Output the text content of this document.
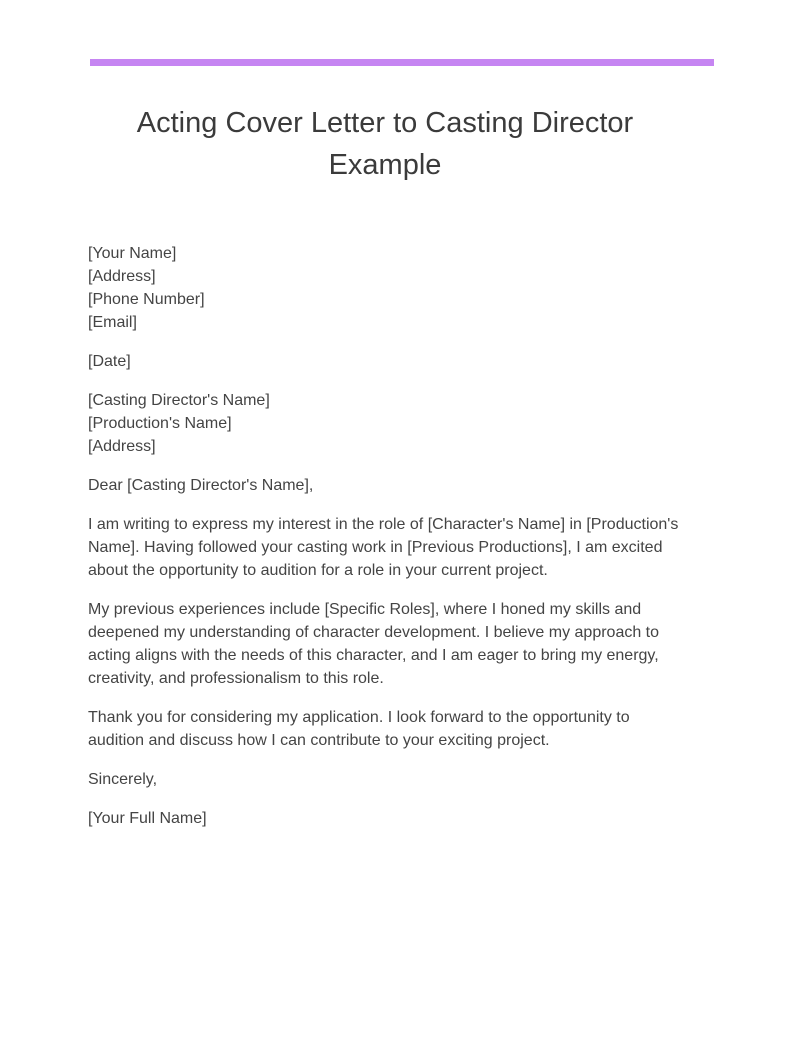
Acting Cover Letter to Casting Director Example
[Your Name]
[Address]
[Phone Number]
[Email]
[Date]
[Casting Director's Name]
[Production's Name]
[Address]
Dear [Casting Director's Name],
I am writing to express my interest in the role of [Character's Name] in [Production's
Name]. Having followed your casting work in [Previous Productions], I am excited
about the opportunity to audition for a role in your current project.
My previous experiences include [Specific Roles], where I honed my skills and
deepened my understanding of character development. I believe my approach to
acting aligns with the needs of this character, and I am eager to bring my energy,
creativity, and professionalism to this role.
Thank you for considering my application. I look forward to the opportunity to
audition and discuss how I can contribute to your exciting project.
Sincerely,
[Your Full Name]
